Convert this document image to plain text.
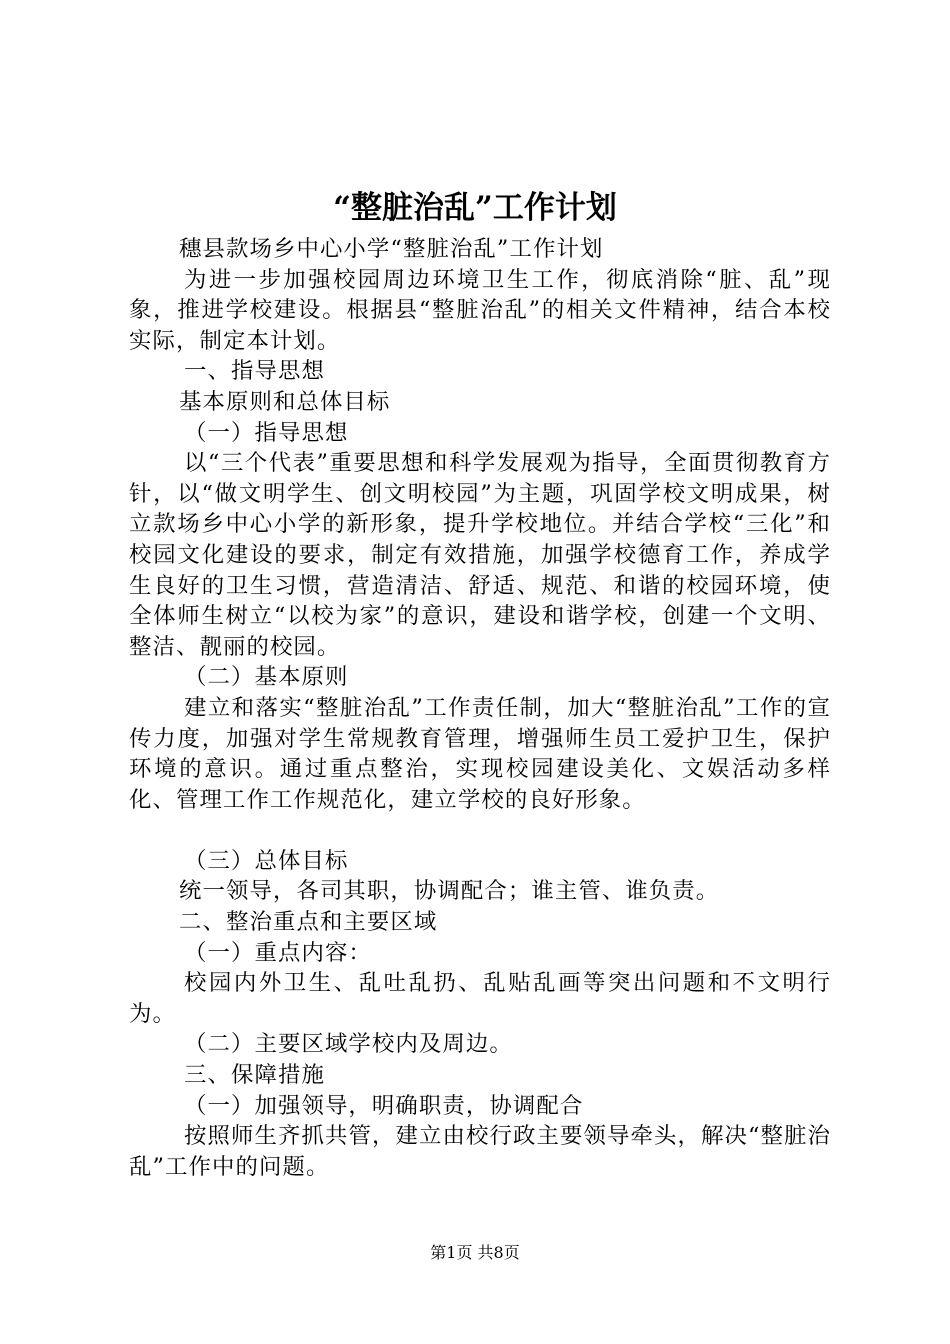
“整脏治乱”工作计划

穗县款场乡中心小学“整脏治乱”工作计划

为进一步加强校园周边环境卫生工作，彻底消除“脏、乱”现象，推进学校建设。根据县“整脏治乱”的相关文件精神，结合本校实际，制定本计划。

一、指导思想

基本原则和总体目标

（一）指导思想

以“三个代表”重要思想和科学发展观为指导，全面贯彻教育方针，以“做文明学生、创文明校园”为主题，巩固学校文明成果，树立款场乡中心小学的新形象，提升学校地位。并结合学校“三化”和校园文化建设的要求，制定有效措施，加强学校德育工作，养成学生良好的卫生习惯，营造清洁、舒适、规范、和谐的校园环境，使全体师生树立“以校为家”的意识，建设和谐学校，创建一个文明、整洁、靓丽的校园。

（二）基本原则

建立和落实“整脏治乱”工作责任制，加大“整脏治乱”工作的宣传力度，加强对学生常规教育管理，增强师生员工爱护卫生，保护环境的意识。通过重点整治，实现校园建设美化、文娱活动多样化、管理工作工作规范化，建立学校的良好形象。

（三）总体目标

统一领导，各司其职，协调配合；谁主管、谁负责。

二、整治重点和主要区域

（一）重点内容：

校园内外卫生、乱吐乱扔、乱贴乱画等突出问题和不文明行为。

（二）主要区域学校内及周边。

三、保障措施

（一）加强领导，明确职责，协调配合

按照师生齐抓共管，建立由校行政主要领导牵头，解决“整脏治乱”工作中的问题。

第1页 共8页
